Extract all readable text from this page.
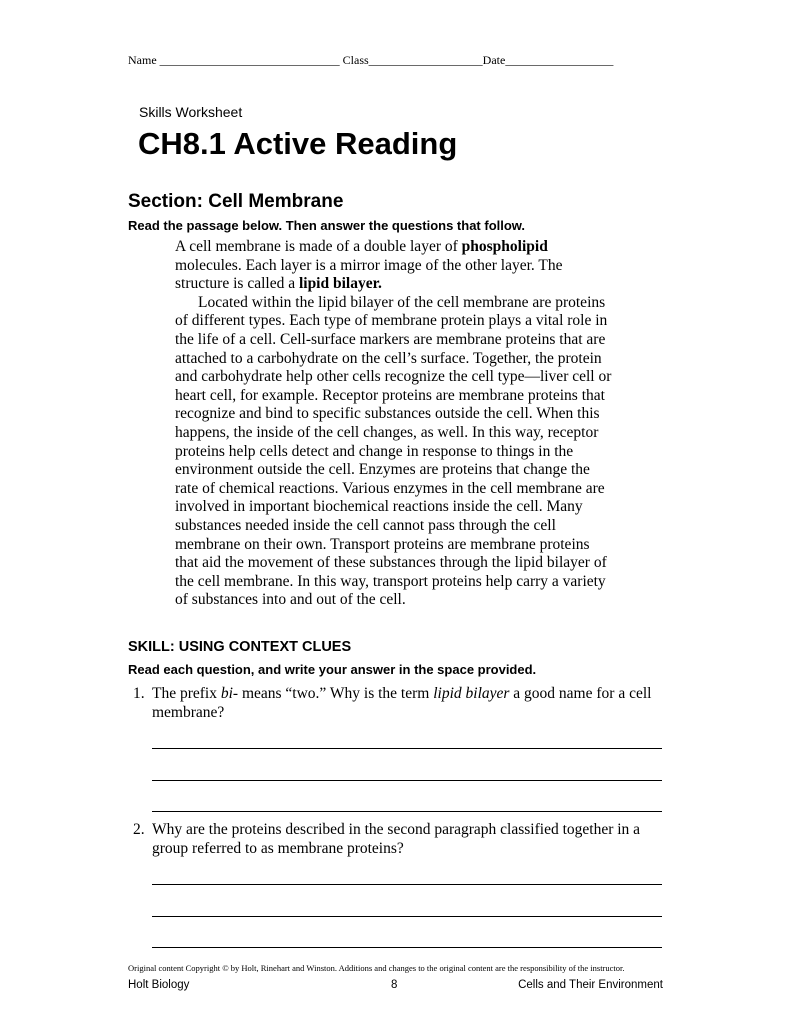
Name ______________________________ Class___________________Date__________________
Skills Worksheet
CH8.1 Active Reading
Section: Cell Membrane

Read the passage below. Then answer the questions that follow.

A cell membrane is made of a double layer of phospholipid molecules. Each layer is a mirror image of the other layer. The structure is called a lipid bilayer.

Located within the lipid bilayer of the cell membrane are proteins of different types. Each type of membrane protein plays a vital role in the life of a cell. Cell-surface markers are membrane proteins that are attached to a carbohydrate on the cell’s surface. Together, the protein and carbohydrate help other cells recognize the cell type—liver cell or heart cell, for example. Receptor proteins are membrane proteins that recognize and bind to specific substances outside the cell. When this happens, the inside of the cell changes, as well. In this way, receptor proteins help cells detect and change in response to things in the environment outside the cell. Enzymes are proteins that change the rate of chemical reactions. Various enzymes in the cell membrane are involved in important biochemical reactions inside the cell. Many substances needed inside the cell cannot pass through the cell membrane on their own. Transport proteins are membrane proteins that aid the movement of these substances through the lipid bilayer of the cell membrane. In this way, transport proteins help carry a variety of substances into and out of the cell.

SKILL: USING CONTEXT CLUES

Read each question, and write your answer in the space provided.

1. The prefix bi- means “two.” Why is the term lipid bilayer a good name for a cell membrane?
2. Why are the proteins described in the second paragraph classified together in a group referred to as membrane proteins?
Original content Copyright © by Holt, Rinehart and Winston. Additions and changes to the original content are the responsibility of the instructor.
Holt Biology	8	Cells and Their Environment
